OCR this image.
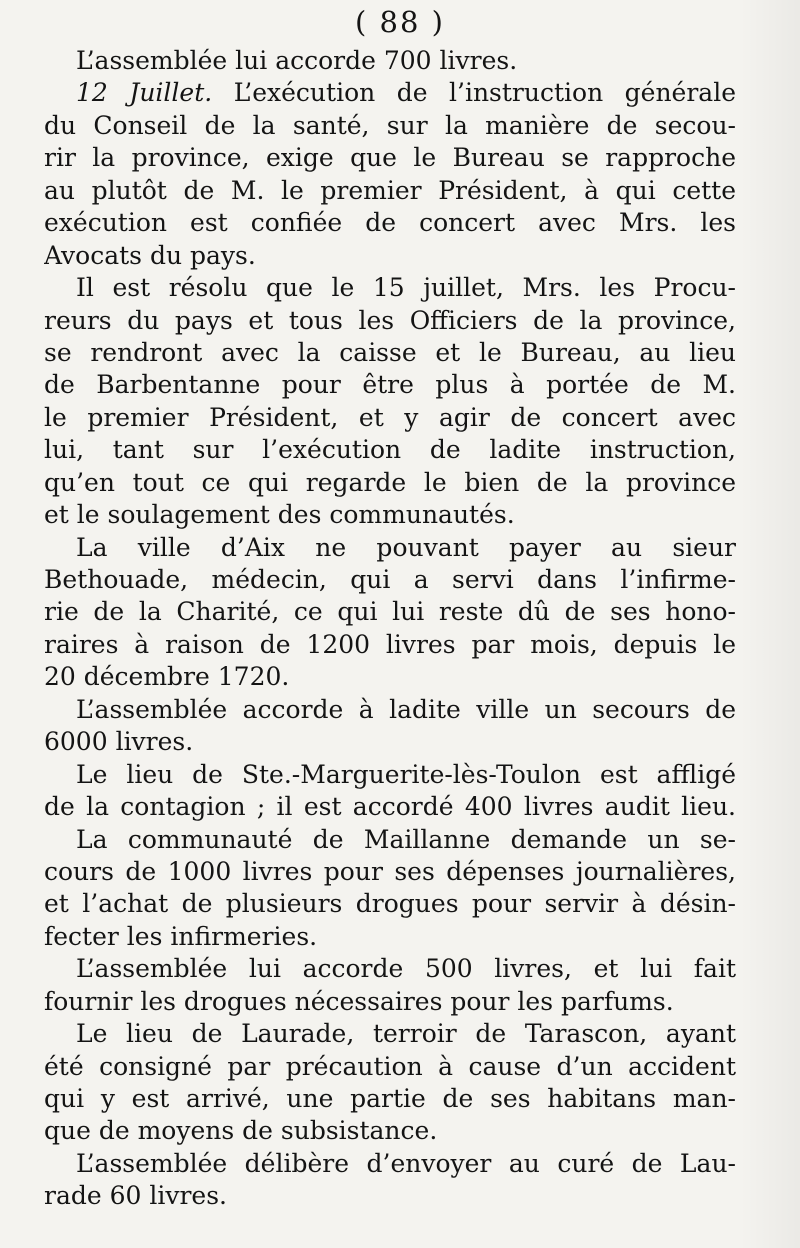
( 88 )
L’assemblée lui accorde 700 livres.
12 Juillet. L’exécution de l’instruction générale
du Conseil de la santé, sur la manière de secou-
rir la province, exige que le Bureau se rapproche
au plutôt de M. le premier Président, à qui cette
exécution est confiée de concert avec Mrs. les
Avocats du pays.
Il est résolu que le 15 juillet, Mrs. les Procu-
reurs du pays et tous les Officiers de la province,
se rendront avec la caisse et le Bureau, au lieu
de Barbentanne pour être plus à portée de M.
le premier Président, et y agir de concert avec
lui, tant sur l’exécution de ladite instruction,
qu’en tout ce qui regarde le bien de la province
et le soulagement des communautés.
La ville d’Aix ne pouvant payer au sieur
Bethouade, médecin, qui a servi dans l’infirme-
rie de la Charité, ce qui lui reste dû de ses hono-
raires à raison de 1200 livres par mois, depuis le
20 décembre 1720.
L’assemblée accorde à ladite ville un secours de
6000 livres.
Le lieu de Ste.-Marguerite-lès-Toulon est affligé
de la contagion ; il est accordé 400 livres audit lieu.
La communauté de Maillanne demande un se-
cours de 1000 livres pour ses dépenses journalières,
et l’achat de plusieurs drogues pour servir à désin-
fecter les infirmeries.
L’assemblée lui accorde 500 livres, et lui fait
fournir les drogues nécessaires pour les parfums.
Le lieu de Laurade, terroir de Tarascon, ayant
été consigné par précaution à cause d’un accident
qui y est arrivé, une partie de ses habitans man-
que de moyens de subsistance.
L’assemblée délibère d’envoyer au curé de Lau-
rade 60 livres.
